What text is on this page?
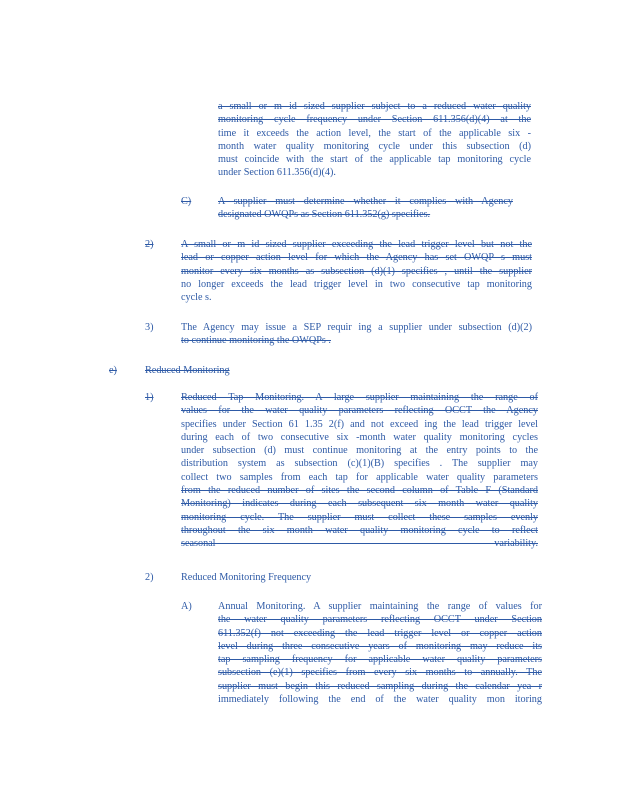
a small or m id sized supplier subject to a reduced water quality
monitoring cycle frequency under Section 611.356(d)(4) at the
time it exceeds the action level, the start of the applicable six -
month water quality monitoring cycle under this subsection (d)
must coincide with the start of the applicable tap monitoring cycle
under Section 611.356(d)(4).
C)	A supplier must determine whether it complies with Agency
designated OWQPs as Section 611.352(g) specifies.
2)	A small or m id sized supplier exceeding the lead trigger level but not the
lead or copper action level for which the Agency has set OWQP s must
monitor every six months as subsection (d)(1) specifies , until the supplier
no longer exceeds the lead trigger level in two consecutive tap monitoring
cycle s.
3)	The Agency may issue a SEP requir ing a supplier under subsection (d)(2)
to continue monitoring the OWQPs .
e)	Reduced Monitoring
1)	Reduced Tap Monitoring. A large supplier maintaining the range of
values for the water quality parameters reflecting OCCT the Agency
specifies under Section 61 1.35 2(f) and not exceed ing the lead trigger level
during each of two consecutive six -month water quality monitoring cycles
under subsection (d) must continue monitoring at the entry points to the
distribution system as subsection (c)(1)(B) specifies . The supplier may
collect two samples from each tap for applicable water quality parameters
from the reduced number of sites the second column of Table F (Standard
Monitoring) indicates during each subsequent six month water quality
monitoring cycle. The supplier must collect these samples evenly
throughout the six month water quality monitoring cycle to reflect
seasonal variability.
2)	Reduced Monitoring Frequency
A)	Annual Monitoring. A supplier maintaining the range of values for
the water quality parameters reflecting OCCT under Section
611.352(f) not exceeding the lead trigger level or copper action
level during three consecutive years of monitoring may reduce its
tap sampling frequency for applicable water quality parameters
subsection (e)(1) specifies from every six months to annually. The
supplier must begin this reduced sampling during the calendar yea r
immediately following the end of the water quality mon itoring
